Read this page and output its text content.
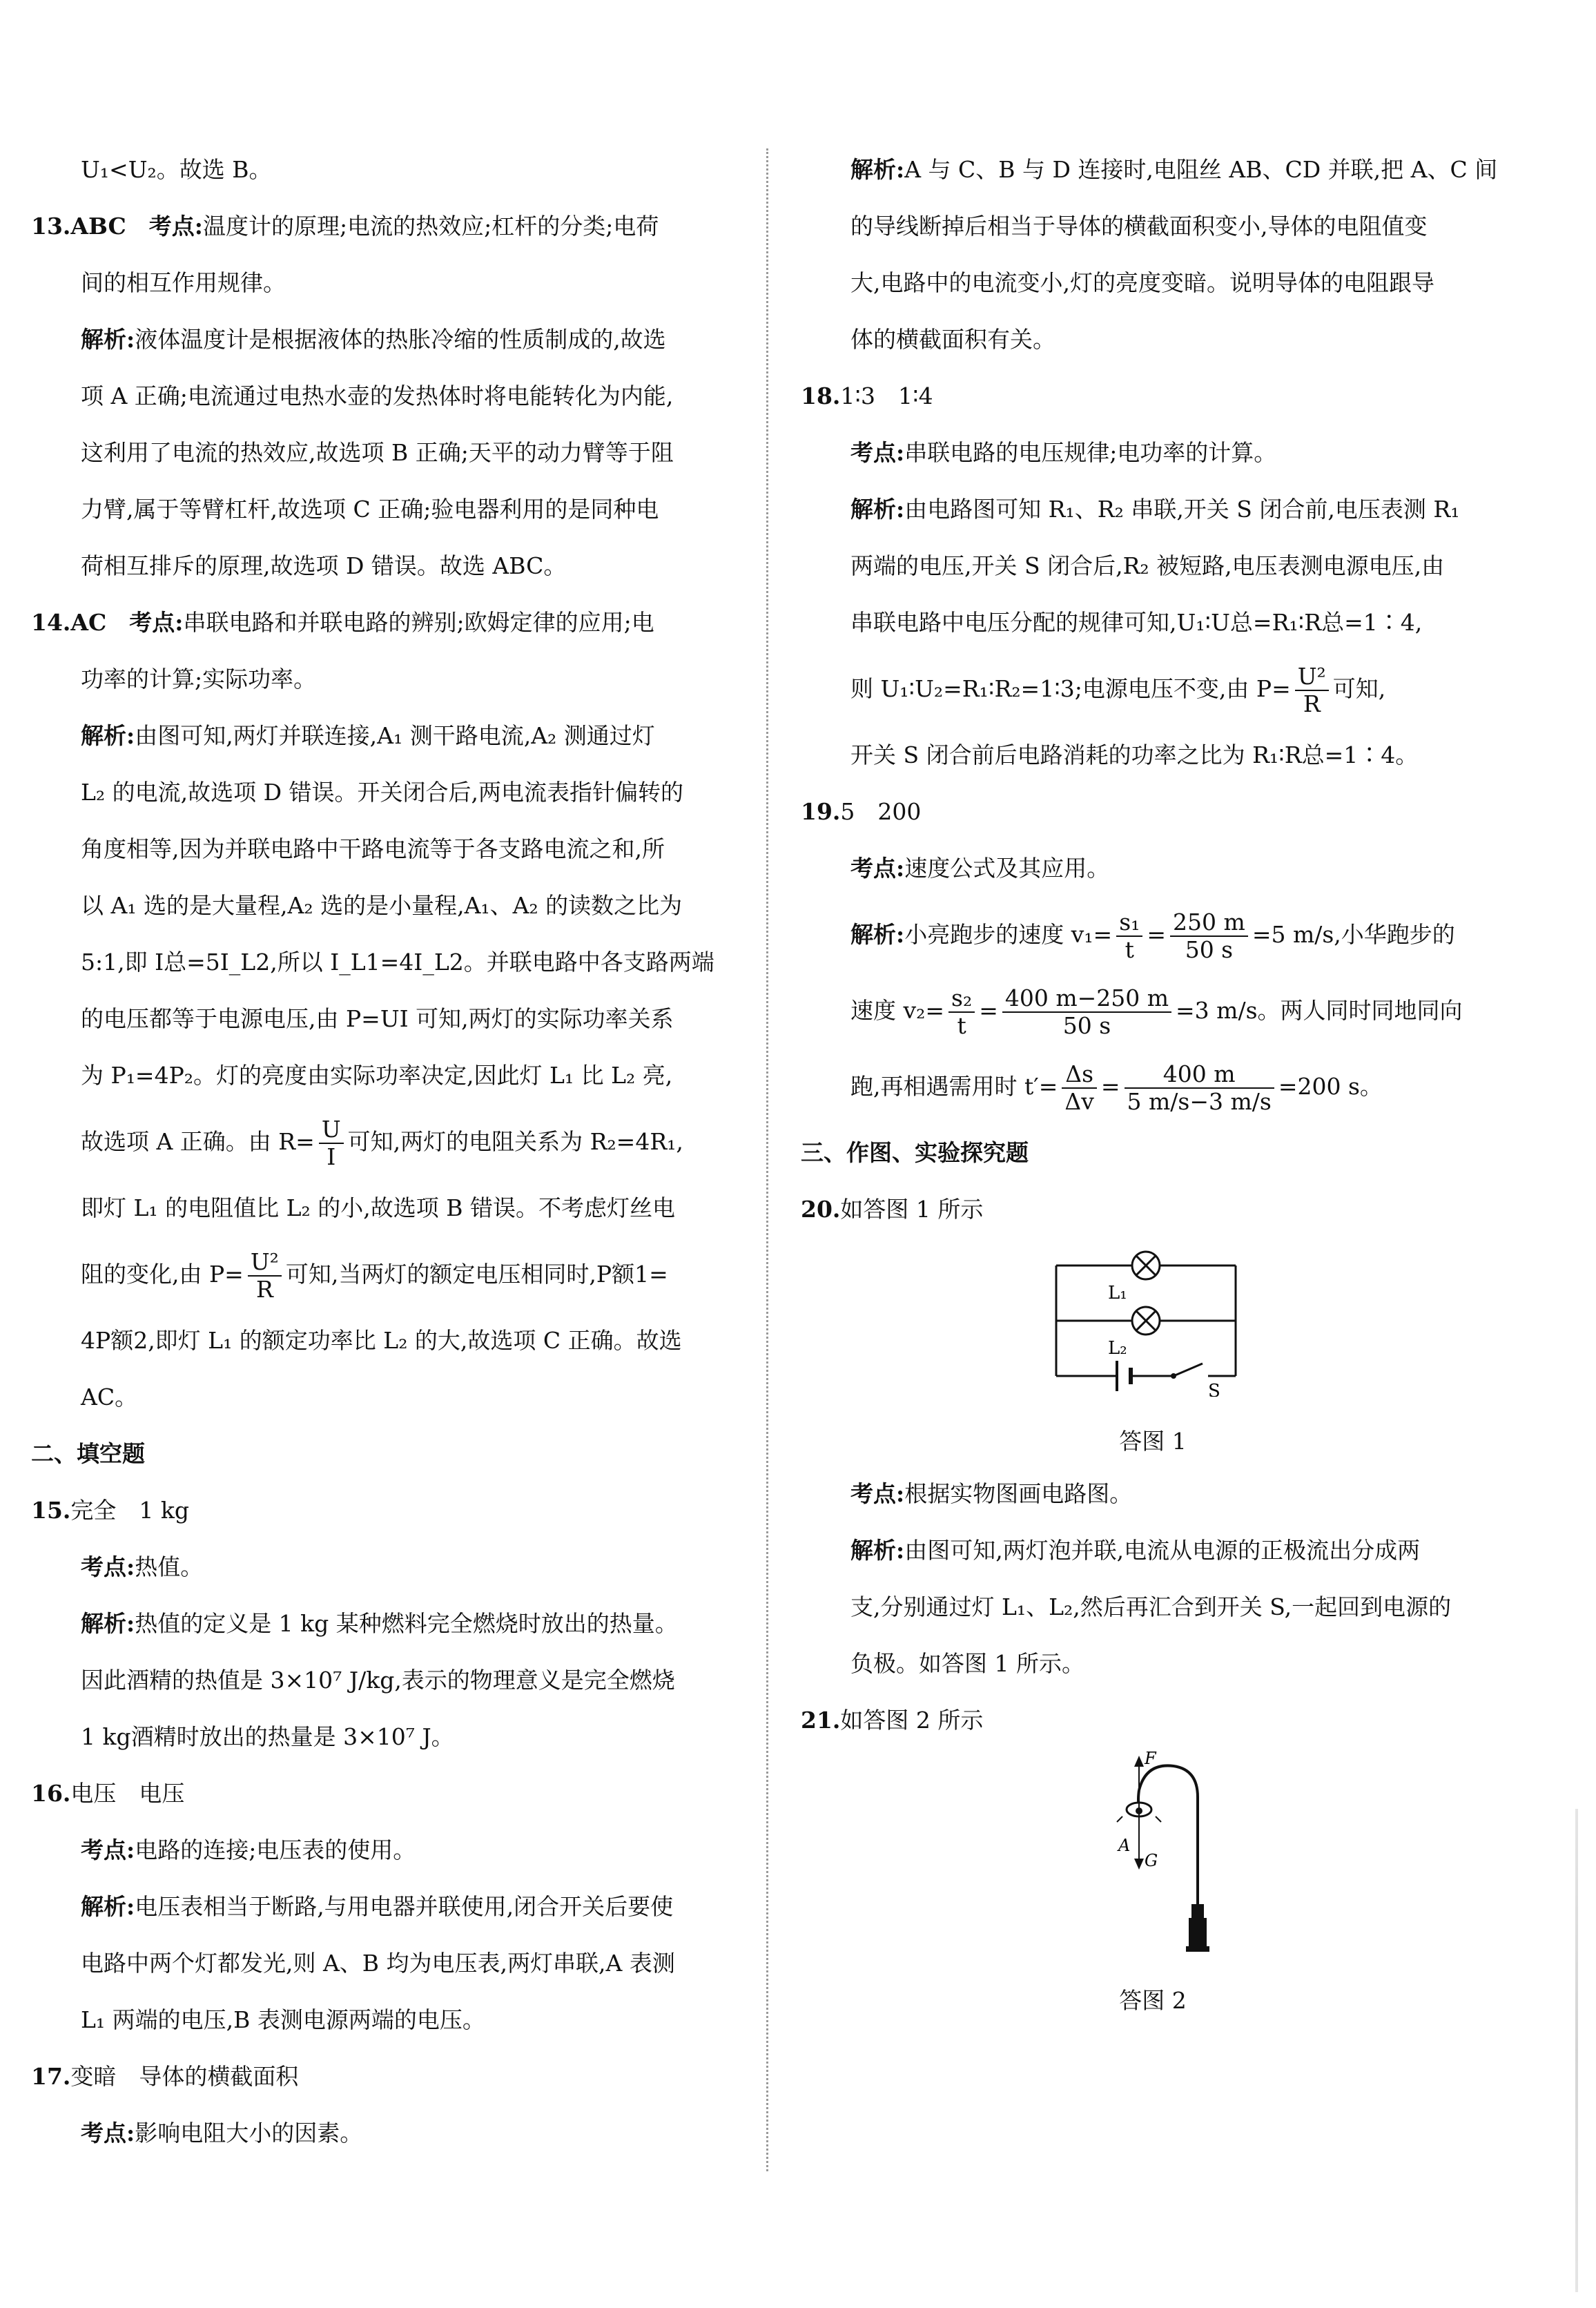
U₁<U₂。故选 B。
13.ABC　 考点:温度计的原理;电流的热效应;杠杆的分类;电荷
间的相互作用规律。
解析:液体温度计是根据液体的热胀冷缩的性质制成的,故选
项 A 正确;电流通过电热水壶的发热体时将电能转化为内能,
这利用了电流的热效应,故选项 B 正确;天平的动力臂等于阻
力臂,属于等臂杠杆,故选项 C 正确;验电器利用的是同种电
荷相互排斥的原理,故选项 D 错误。故选 ABC。
14.AC　 考点:串联电路和并联电路的辨别;欧姆定律的应用;电
功率的计算;实际功率。
解析:由图可知,两灯并联连接,A₁ 测干路电流,A₂ 测通过灯
L₂ 的电流,故选项 D 错误。开关闭合后,两电流表指针偏转的
角度相等,因为并联电路中干路电流等于各支路电流之和,所
以 A₁ 选的是大量程,A₂ 选的是小量程,A₁、A₂ 的读数之比为
5:1,即 I总=5I_L2,所以 I_L1=4I_L2。并联电路中各支路两端
的电压都等于电源电压,由 P=UI 可知,两灯的实际功率关系
为 P₁=4P₂。灯的亮度由实际功率决定,因此灯 L₁ 比 L₂ 亮,
故选项 A 正确。由 $R= \frac{U}{I}$ 可知,两灯的电阻关系为 R₂=4R₁,
即灯 L₁ 的电阻值比 L₂ 的小,故选项 B 错误。不考虑灯丝电
阻的变化,由 $P= \frac{\text{U²}}{R}$ 可知,当两灯的额定电压相同时,P额1=
4P额2,即灯 L₁ 的额定功率比 L₂ 的大,故选项 C 正确。故选
AC。
二、填空题
15.完全　1 kg
考点:热值。
解析:热值的定义是 1 kg 某种燃料完全燃烧时放出的热量。
因此酒精的热值是 3×10⁷ J/kg,表示的物理意义是完全燃烧
1 kg酒精时放出的热量是 3×10⁷ J。
16.电压　电压
考点:电路的连接;电压表的使用。
解析:电压表相当于断路,与用电器并联使用,闭合开关后要使
电路中两个灯都发光,则 A、B 均为电压表,两灯串联,A 表测
L₁ 两端的电压,B 表测电源两端的电压。
17.变暗　导体的横截面积
考点:影响电阻大小的因素。
解析:A 与 C、B 与 D 连接时,电阻丝 AB、CD 并联,把 A、C 间
的导线断掉后相当于导体的横截面积变小,导体的电阻值变
大,电路中的电流变小,灯的亮度变暗。说明导体的电阻跟导
体的横截面积有关。
18.1∶3　1∶4
考点:串联电路的电压规律;电功率的计算。
解析:由电路图可知 R₁、R₂ 串联,开关 S 闭合前,电压表测 R₁
两端的电压,开关 S 闭合后,R₂ 被短路,电压表测电源电压,由
串联电路中电压分配的规律可知,U₁∶U总=R₁∶R总=1∶4,
则 U₁∶U₂=R₁∶R₂=1∶3;电源电压不变,由 $P= \frac{\text{U²}}{R}$ 可知,
开关 S 闭合前后电路消耗的功率之比为 R₁∶R总=1∶4。
19.5　200
考点:速度公式及其应用。
解析:小亮跑步的速度 $v_1= \frac{\text{s₁}}{t} = \frac{250 m}{50 s} =5$ m/s,小华跑步的
速度 $v_2= \frac{\text{s₂}}{t} = \frac{400 m-250 m}{50 s} =3$ m/s。两人同时同地同向
跑,再相遇需用时 $t'= \frac{\Delta s}{\Delta v} = \frac{400 m}{5 m/s-3 m/s} =200$ s。
三、作图、实验探究题
20.如答图 1 所示
L₁
L₂
S
答图 1
考点:根据实物图画电路图。
解析:由图可知,两灯泡并联,电流从电源的正极流出分成两
支,分别通过灯 L₁、L₂,然后再汇合到开关 S,一起回到电源的
负极。如答图 1 所示。
21.如答图 2 所示
F
A
G
答图 2
